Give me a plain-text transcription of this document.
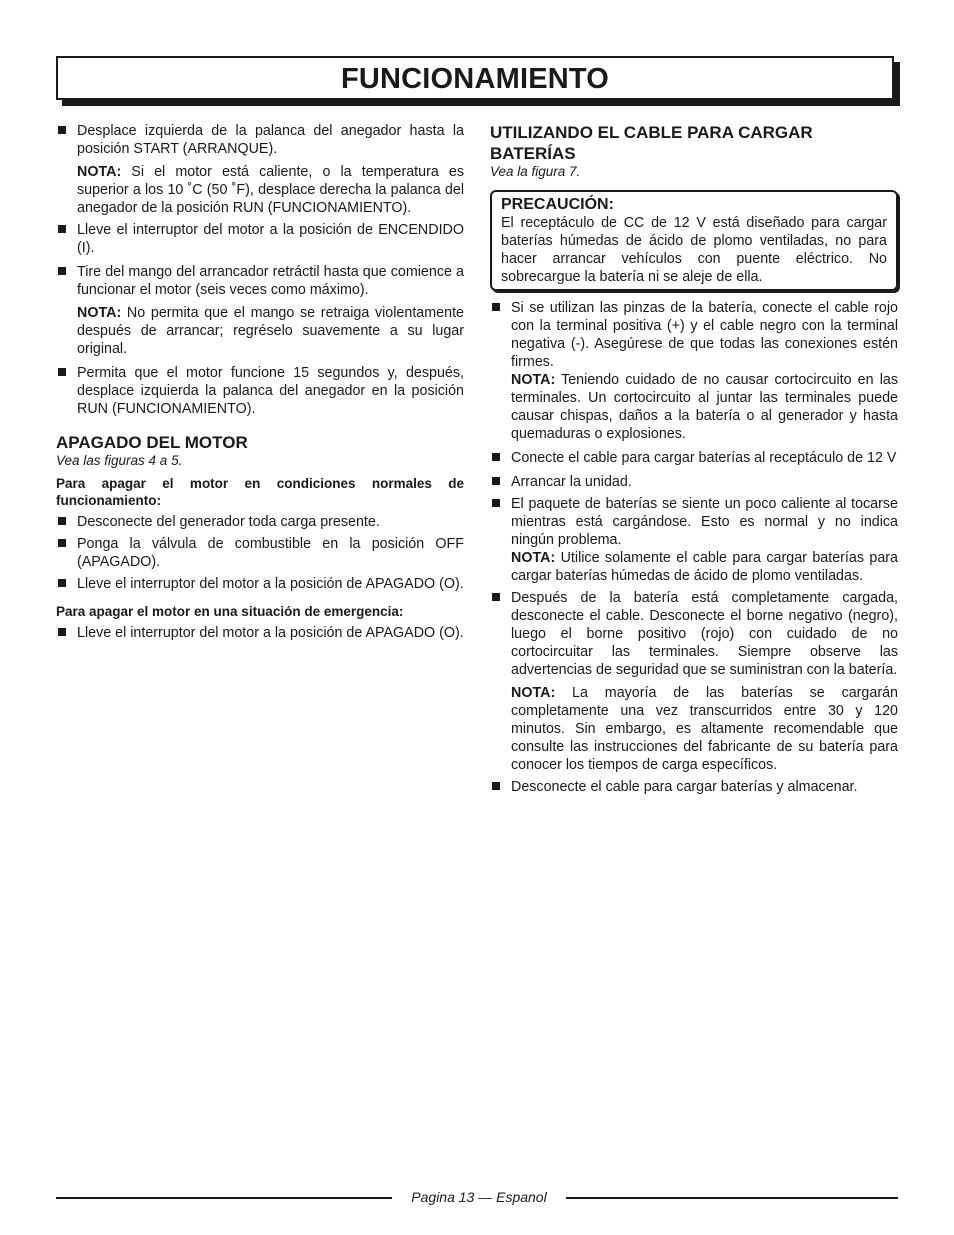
FUNCIONAMIENTO
Desplace izquierda de la palanca del anegador hasta la posición START (ARRANQUE).
NOTA: Si el motor está caliente, o la temperatura es superior a los 10 ˚C (50 ˚F), desplace derecha la palanca del anegador de la posición RUN (FUNCIONAMIENTO).
Lleve el interruptor del motor a la posición de ENCENDIDO (I).
Tire del mango del arrancador retráctil hasta que comience a funcionar el motor (seis veces como máximo).
NOTA: No permita que el mango se retraiga violentamente después de arrancar; regréselo suavemente a su lugar original.
Permita que el motor funcione 15 segundos y, después, desplace izquierda la palanca del anegador en la posición RUN (FUNCIONAMIENTO).
APAGADO DEL MOTOR
Vea las figuras 4 a 5.
Para apagar el motor en condiciones normales de funcionamiento:
Desconecte del generador toda carga presente.
Ponga la válvula de combustible en la posición OFF (APAGADO).
Lleve el interruptor del motor a la posición de APAGADO (O).
Para apagar el motor en una situación de emergencia:
Lleve el interruptor del motor a la posición de APAGADO (O).
UTILIZANDO EL CABLE PARA CARGAR BATERÍAS
Vea la figura 7.
PRECAUCIÓN:
El receptáculo de CC de 12 V está diseñado para cargar baterías húmedas de ácido de plomo ventiladas, no para hacer arrancar vehículos con puente eléctrico. No sobrecargue la batería ni se aleje de ella.
Si se utilizan las pinzas de la batería, conecte el cable rojo con la terminal positiva (+) y el cable negro con la terminal negativa (-). Asegúrese de que todas las conexiones estén firmes.
NOTA: Teniendo cuidado de no causar cortocircuito en las terminales. Un cortocircuito al juntar las terminales puede causar chispas, daños a la batería o al generador y hasta quemaduras o explosiones.
Conecte el cable para cargar baterías al receptáculo de 12 V
Arrancar la unidad.
El paquete de baterías se siente un poco caliente al tocarse mientras está cargándose. Esto es normal y no indica ningún problema.
NOTA: Utilice solamente el cable para cargar baterías para cargar baterías húmedas de ácido de plomo ventiladas.
Después de la batería está completamente cargada, desconecte el cable. Desconecte el borne negativo (negro), luego el borne positivo (rojo) con cuidado de no cortocircuitar las terminales. Siempre observe las advertencias de seguridad que se suministran con la batería.
NOTA: La mayoría de las baterías se cargarán completamente una vez transcurridos entre 30 y 120 minutos. Sin embargo, es altamente recomendable que consulte las instrucciones del fabricante de su batería para conocer los tiempos de carga específicos.
Desconecte el cable para cargar baterías y almacenar.
Pagina 13 — Espanol
